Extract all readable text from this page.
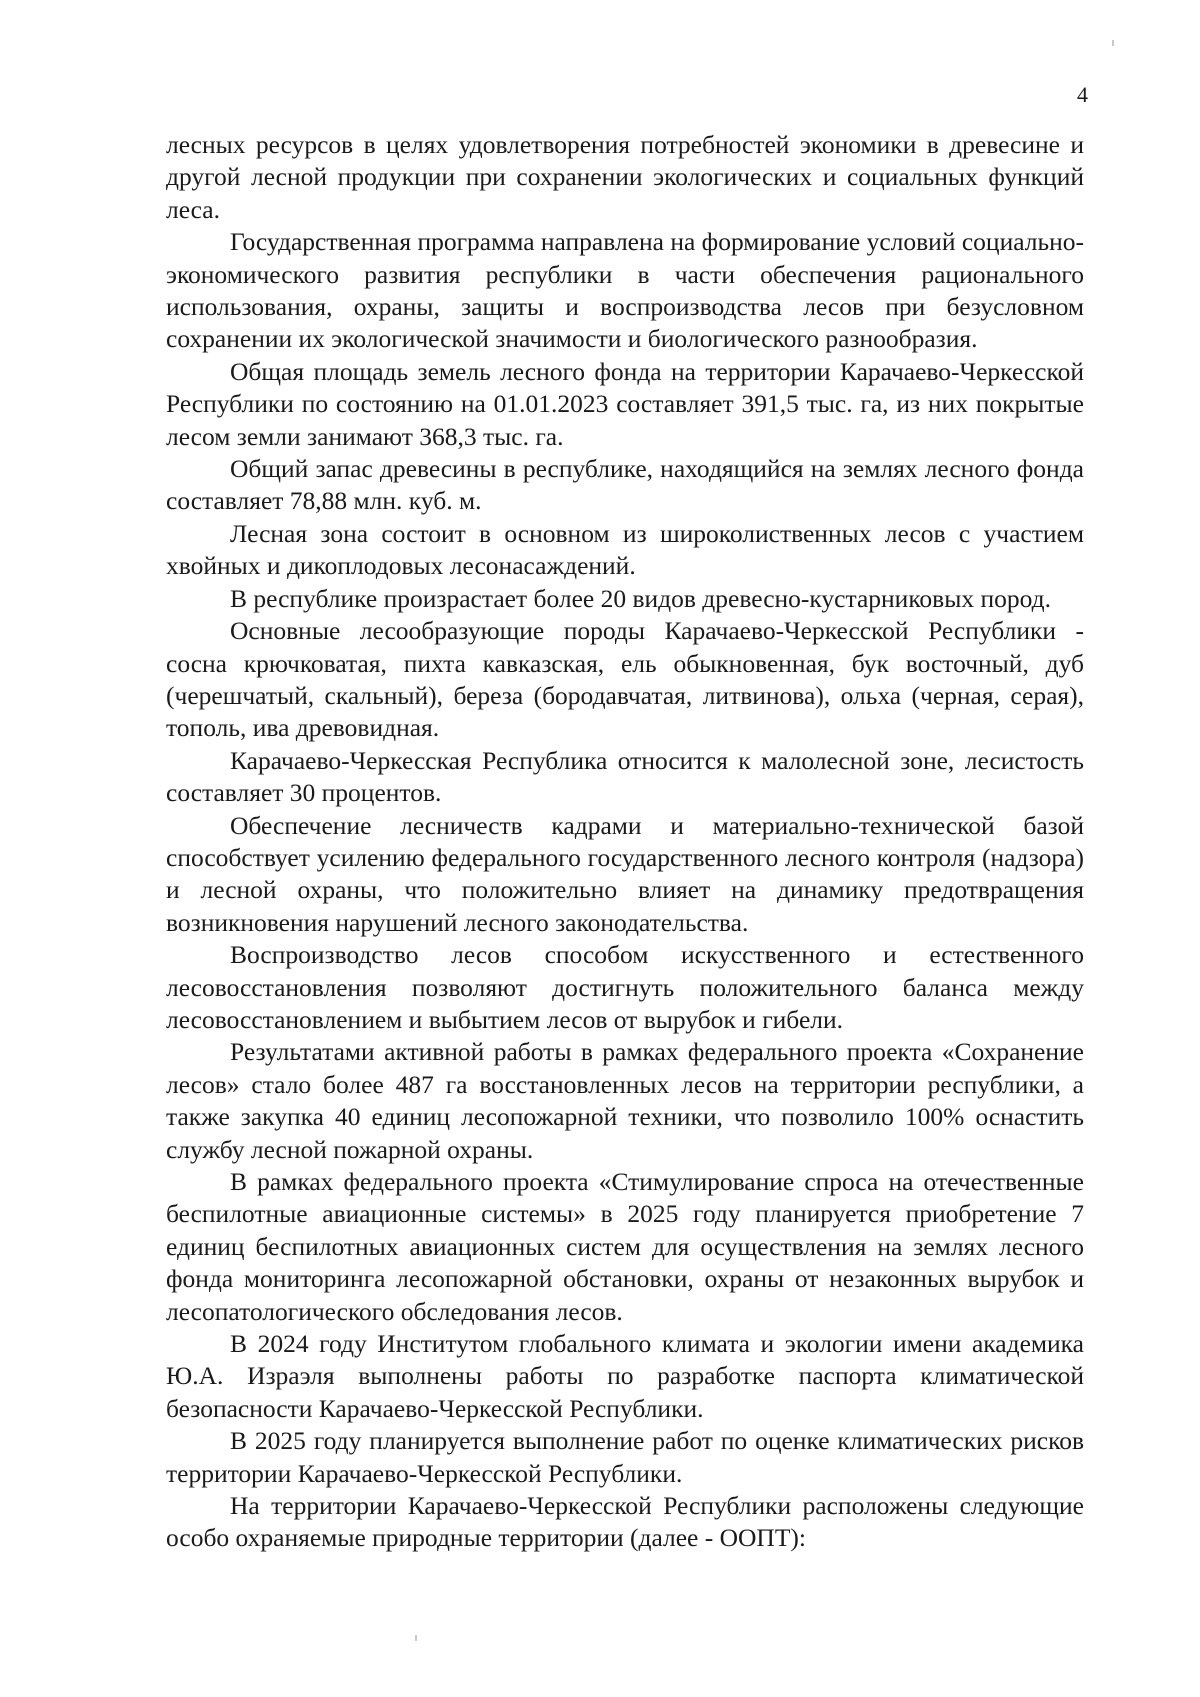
4

лесных ресурсов в целях удовлетворения потребностей экономики в древесине и другой лесной продукции при сохранении экологических и социальных функций леса.

Государственная программа направлена на формирование условий социально-экономического развития республики в части обеспечения рационального использования, охраны, защиты и воспроизводства лесов при безусловном сохранении их экологической значимости и биологического разнообразия.

Общая площадь земель лесного фонда на территории Карачаево-Черкесской Республики по состоянию на 01.01.2023 составляет 391,5 тыс. га, из них покрытые лесом земли занимают 368,3 тыс. га.

Общий запас древесины в республике, находящийся на землях лесного фонда составляет 78,88 млн. куб. м.

Лесная зона состоит в основном из широколиственных лесов с участием хвойных и дикоплодовых лесонасаждений.

В республике произрастает более 20 видов древесно-кустарниковых пород.

Основные лесообразующие породы Карачаево-Черкесской Республики - сосна крючковатая, пихта кавказская, ель обыкновенная, бук восточный, дуб (черешчатый, скальный), береза (бородавчатая, литвинова), ольха (черная, серая), тополь, ива древовидная.

Карачаево-Черкесская Республика относится к малолесной зоне, лесистость составляет 30 процентов.

Обеспечение лесничеств кадрами и материально-технической базой способствует усилению федерального государственного лесного контроля (надзора) и лесной охраны, что положительно влияет на динамику предотвращения возникновения нарушений лесного законодательства.

Воспроизводство лесов способом искусственного и естественного лесовосстановления позволяют достигнуть положительного баланса между лесовосстановлением и выбытием лесов от вырубок и гибели.

Результатами активной работы в рамках федерального проекта «Сохранение лесов» стало более 487 га восстановленных лесов на территории республики, а также закупка 40 единиц лесопожарной техники, что позволило 100% оснастить службу лесной пожарной охраны.

В рамках федерального проекта «Стимулирование спроса на отечественные беспилотные авиационные системы» в 2025 году планируется приобретение 7 единиц беспилотных авиационных систем для осуществления на землях лесного фонда мониторинга лесопожарной обстановки, охраны от незаконных вырубок и лесопатологического обследования лесов.

В 2024 году Институтом глобального климата и экологии имени академика Ю.А. Израэля выполнены работы по разработке паспорта климатической безопасности Карачаево-Черкесской Республики.

В 2025 году планируется выполнение работ по оценке климатических рисков территории Карачаево-Черкесской Республики.

На территории Карачаево-Черкесской Республики расположены следующие особо охраняемые природные территории (далее - ООПТ):
